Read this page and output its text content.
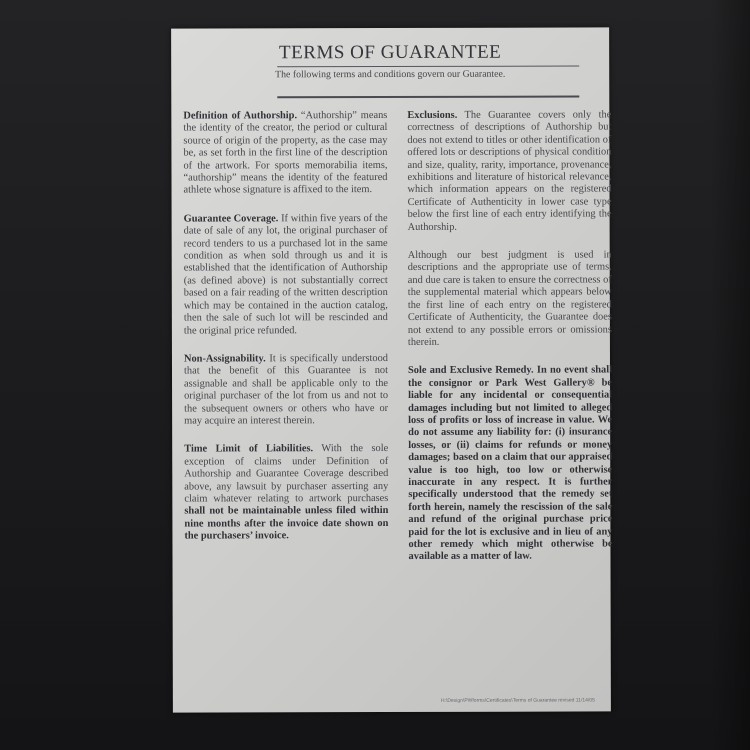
TERMS OF GUARANTEE
The following terms and conditions govern our Guarantee.

Definition of Authorship. “Authorship” means the identity of the creator, the period or cultural source of origin of the property, as the case may be, as set forth in the first line of the description of the artwork. For sports memorabilia items, “authorship” means the identity of the featured athlete whose signature is affixed to the item.

Guarantee Coverage. If within five years of the date of sale of any lot, the original purchaser of record tenders to us a purchased lot in the same condition as when sold through us and it is established that the identification of Authorship (as defined above) is not substantially correct based on a fair reading of the written description which may be contained in the auction catalog, then the sale of such lot will be rescinded and the original price refunded.

Non-Assignability. It is specifically understood that the benefit of this Guarantee is not assignable and shall be applicable only to the original purchaser of the lot from us and not to the subsequent owners or others who have or may acquire an interest therein.

Time Limit of Liabilities. With the sole exception of claims under Definition of Authorship and Guarantee Coverage described above, any lawsuit by purchaser asserting any claim whatever relating to artwork purchases shall not be maintainable unless filed within nine months after the invoice date shown on the purchasers’ invoice.

Exclusions. The Guarantee covers only the correctness of descriptions of Authorship but does not extend to titles or other identification of offered lots or descriptions of physical condition and size, quality, rarity, importance, provenance, exhibitions and literature of historical relevance, which information appears on the registered Certificate of Authenticity in lower case type below the first line of each entry identifying the Authorship.

Although our best judgment is used in descriptions and the appropriate use of terms, and due care is taken to ensure the correctness of the supplemental material which appears below the first line of each entry on the registered Certificate of Authenticity, the Guarantee does not extend to any possible errors or omissions therein.

Sole and Exclusive Remedy. In no event shall the consignor or Park West Gallery® be liable for any incidental or consequential damages including but not limited to alleged loss of profits or loss of increase in value. We do not assume any liability for: (i) insurance losses, or (ii) claims for refunds or money damages; based on a claim that our appraised value is too high, too low or otherwise inaccurate in any respect. It is further specifically understood that the remedy set forth herein, namely the rescission of the sale and refund of the original purchase price paid for the lot is exclusive and in lieu of any other remedy which might otherwise be available as a matter of law.

H:\Design\PWforms\Certificates\Terms of Guarantee revised 11/14/05
